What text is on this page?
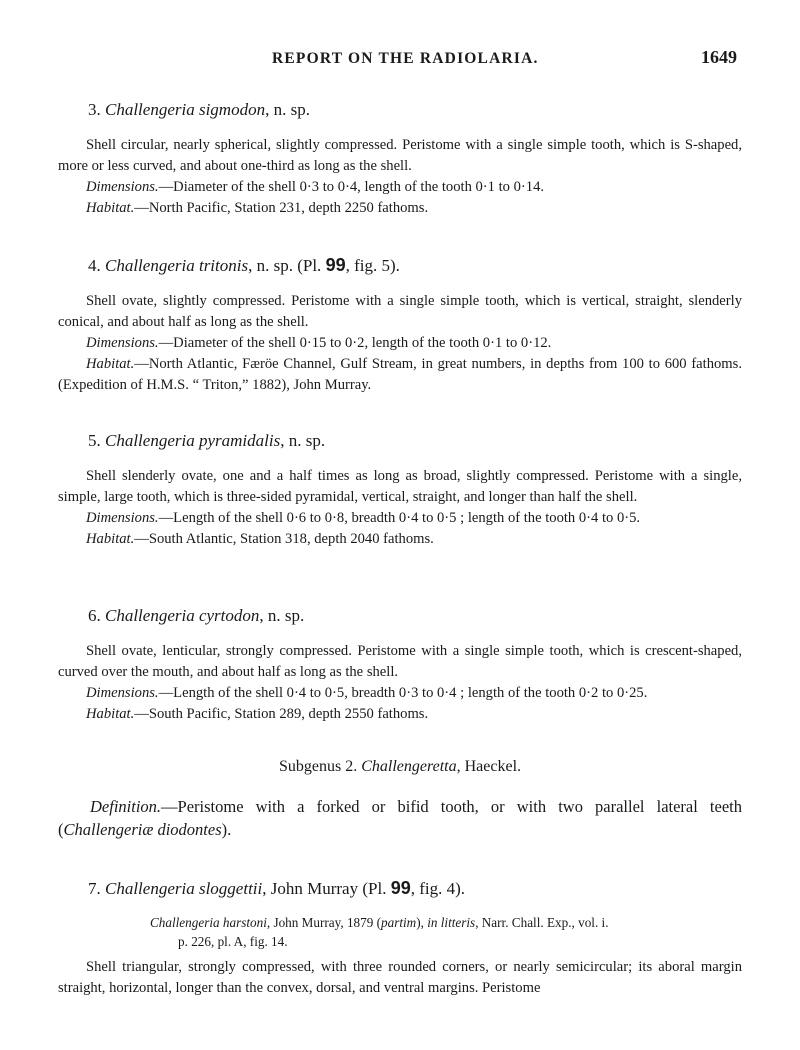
REPORT ON THE RADIOLARIA.	1649
3. Challengeria sigmodon, n. sp.
Shell circular, nearly spherical, slightly compressed. Peristome with a single simple tooth, which is S-shaped, more or less curved, and about one-third as long as the shell.
Dimensions.—Diameter of the shell 0·3 to 0·4, length of the tooth 0·1 to 0·14.
Habitat.—North Pacific, Station 231, depth 2250 fathoms.
4. Challengeria tritonis, n. sp. (Pl. 99, fig. 5).
Shell ovate, slightly compressed. Peristome with a single simple tooth, which is vertical, straight, slenderly conical, and about half as long as the shell.
Dimensions.—Diameter of the shell 0·15 to 0·2, length of the tooth 0·1 to 0·12.
Habitat.—North Atlantic, Færöe Channel, Gulf Stream, in great numbers, in depths from 100 to 600 fathoms. (Expedition of H.M.S. “ Triton,” 1882), John Murray.
5. Challengeria pyramidalis, n. sp.
Shell slenderly ovate, one and a half times as long as broad, slightly compressed. Peristome with a single, simple, large tooth, which is three-sided pyramidal, vertical, straight, and longer than half the shell.
Dimensions.—Length of the shell 0·6 to 0·8, breadth 0·4 to 0·5 ; length of the tooth 0·4 to 0·5.
Habitat.—South Atlantic, Station 318, depth 2040 fathoms.
6. Challengeria cyrtodon, n. sp.
Shell ovate, lenticular, strongly compressed. Peristome with a single simple tooth, which is crescent-shaped, curved over the mouth, and about half as long as the shell.
Dimensions.—Length of the shell 0·4 to 0·5, breadth 0·3 to 0·4 ; length of the tooth 0·2 to 0·25.
Habitat.—South Pacific, Station 289, depth 2550 fathoms.
Subgenus 2. Challengeretta, Haeckel.
Definition.—Peristome with a forked or bifid tooth, or with two parallel lateral teeth (Challengeriæ diodontes).
7. Challengeria sloggettii, John Murray (Pl. 99, fig. 4).
Challengeria harstoni, John Murray, 1879 (partim), in litteris, Narr. Chall. Exp., vol. i.
p. 226, pl. A, fig. 14.
Shell triangular, strongly compressed, with three rounded corners, or nearly semicircular; its aboral margin straight, horizontal, longer than the convex, dorsal, and ventral margins. Peristome
